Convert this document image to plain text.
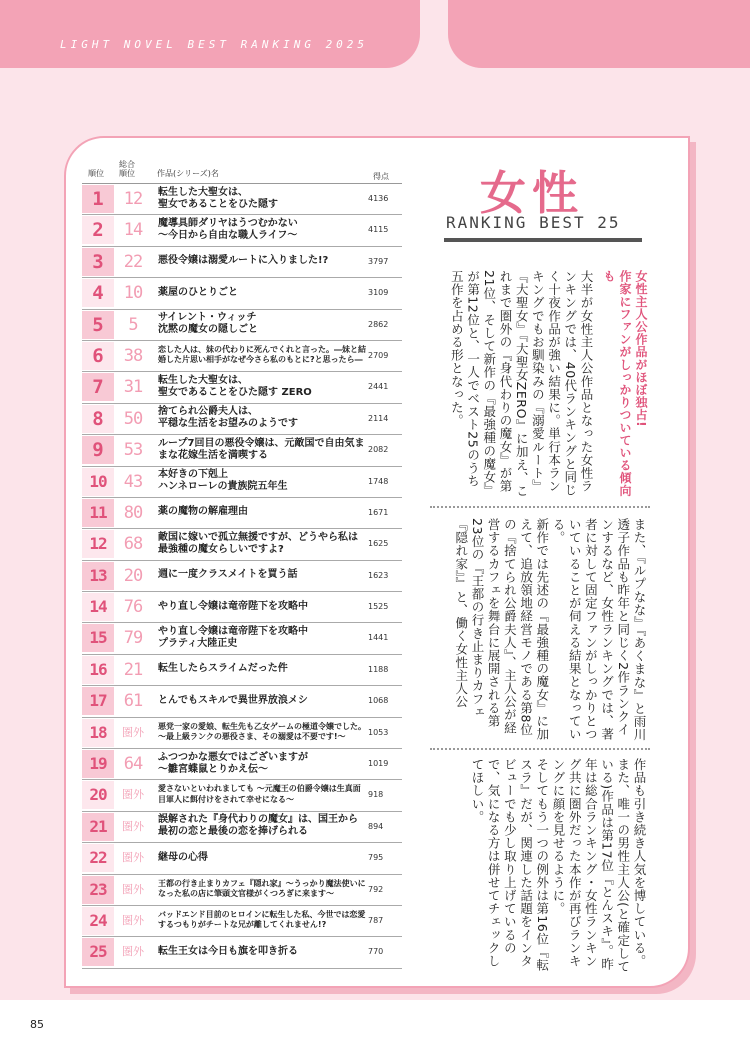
LIGHT NOVEL BEST RANKING 2025
順位
総合
順位	作品(シリーズ)名	得点
1	12	転生した大聖女は、
聖女であることをひた隠す	4136
2	14	魔導具師ダリヤはうつむかない
～今日から自由な職人ライフ～	4115
3	22	悪役令嬢は溺愛ルートに入りました!?	3797
4	10	薬屋のひとりごと	3109
5	5	サイレント・ウィッチ
沈黙の魔女の隠しごと	2862
6	38	恋した人は、妹の代わりに死んでくれと言った。―妹と結婚した片思い相手がなぜ今さら私のもとに?と思ったら― 2709
7	31	転生した大聖女は、
聖女であることをひた隠す ZERO	2441
8	50	捨てられ公爵夫人は、
平穏な生活をお望みのようです	2114
9	53	ループ7回目の悪役令嬢は、元敵国で自由気ままな花嫁生活を満喫する	2082
10	43	本好きの下剋上
ハンネローレの貴族院五年生	1748
11	80	薬の魔物の解雇理由	1671
12	68	敵国に嫁いで孤立無援ですが、どうやら私は最強種の魔女らしいですよ?	1625
13	20	週に一度クラスメイトを買う話	1623
14	76	やり直し令嬢は竜帝陛下を攻略中	1525
15	79	やり直し令嬢は竜帝陛下を攻略中
プラティ大陸正史	1441
16	21	転生したらスライムだった件	1188
17	61	とんでもスキルで異世界放浪メシ	1068
18	圏外	悪党一家の愛娘、転生先も乙女ゲームの極道令嬢でした。～最上級ランクの悪役さま、その溺愛は不要です!～	1053
19	64	ふつつかな悪女ではございますが
～雛宮蝶鼠とりかえ伝～	1019
20	圏外	愛さないといわれましても ～元魔王の伯爵令嬢は生真面目軍人に餌付けをされて幸せになる～	918
21	圏外	誤解された『身代わりの魔女』は、国王から最初の恋と最後の恋を捧げられる	894
22	圏外	継母の心得	795
23	圏外	王都の行き止まりカフェ『隠れ家』～うっかり魔法使いになった私の店に筆頭文官様がくつろぎに来ます～	792
24	圏外	バッドエンド目前のヒロインに転生した私、今世では恋愛するつもりがチートな兄が離してくれません!?	787
25	圏外	転生王女は今日も旗を叩き折る	770
女性
RANKING BEST 25
女性主人公作品がほぼ独占!
作家にファンがしっかりついている傾向も
大半が女性主人公作品となった女性ランキングでは、40代ランキングと同じく十夜作品が強い結果に。単行本ランキングでもお馴染みの『溺愛ルート』『大聖女』『大聖女ZERO』に加え、これまで圏外の『身代わりの魔女』が第21位、そして新作の『最強種の魔女』が第12位と、一人でベスト25のうち五作を占める形となった。
また、『ルプなな』『あくまな』と雨川透子作品も昨年と同じく2作ランクインするなど、女性ランキングでは、著者に対して固定ファンがしっかりとついていることが伺える結果となっている。
新作では先述の『最強種の魔女』に加えて、追放領地経営モノである第8位の『捨てられ公爵夫人』、主人公が経営するカフェを舞台に展開される第23位の『王都の行き止まりカフェ『隠れ家』』と、働く女性主人公
作品も引き続き人気を博している。
また、唯一の男性主人公(と確定している)作品は第17位『とんスキ』。昨年は総合ランキング・女性ランキング共に圏外だった本作が再びランキングに顔を見せるように。
そしてもう一つの例外は第16位『転スラ』だが、関連した話題をインタビューでも少し取り上げているので、気になる方は併せてチェックしてほしい。
85
